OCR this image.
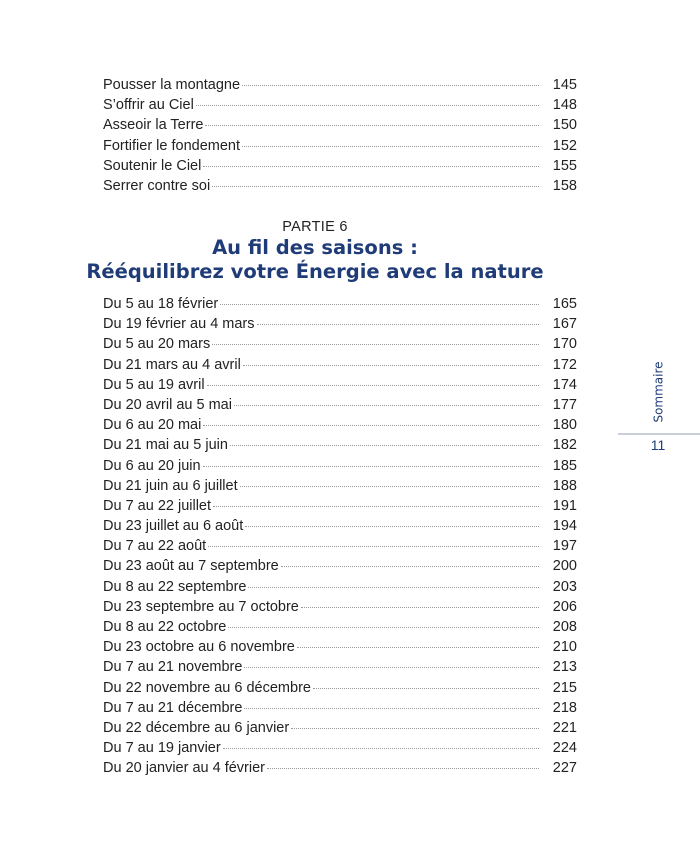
Pousser la montagne	145
S’offrir au Ciel	148
Asseoir la Terre	150
Fortifier le fondement	152
Soutenir le Ciel	155
Serrer contre soi	158

PARTIE 6

Au fil des saisons :
Rééquilibrez votre Énergie avec la nature
Du 5 au 18 février	165
Du 19 février au 4 mars	167
Du 5 au 20 mars	170
Du 21 mars au 4 avril	172
Du 5 au 19 avril	174
Du 20 avril au 5 mai	177
Du 6 au 20 mai	180
Du 21 mai au 5 juin	182
Du 6 au 20 juin	185
Du 21 juin au 6 juillet	188
Du 7 au 22 juillet	191
Du 23 juillet au 6 août	194
Du 7 au 22 août	197
Du 23 août au 7 septembre	200
Du 8 au 22 septembre	203
Du 23 septembre au 7 octobre	206
Du 8 au 22 octobre	208
Du 23 octobre au 6 novembre	210
Du 7 au 21 novembre	213
Du 22 novembre au 6 décembre	215
Du 7 au 21 décembre	218
Du 22 décembre au 6 janvier	221
Du 7 au 19 janvier	224
Du 20 janvier au 4 février	227
Sommaire

11
